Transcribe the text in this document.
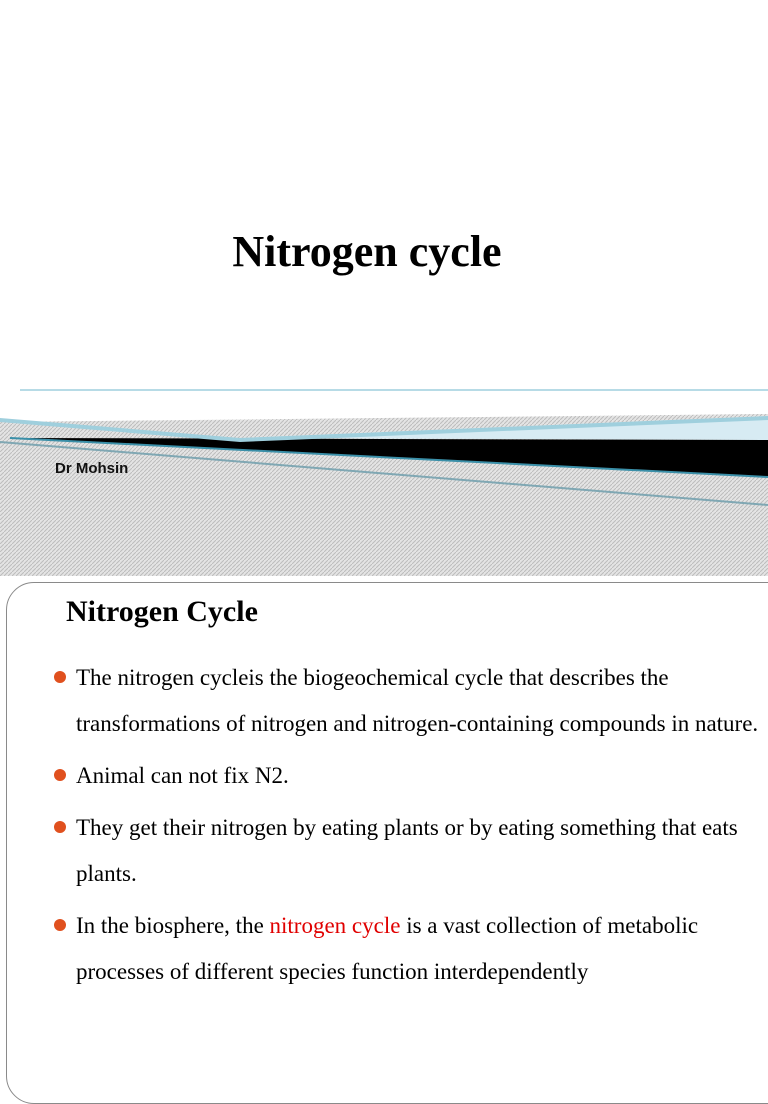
Nitrogen cycle
Dr Mohsin
Nitrogen Cycle
The nitrogen cycleis the biogeochemical cycle that describes the transformations of nitrogen and nitrogen-containing compounds in nature.
Animal can not fix N2.
They get their nitrogen by eating plants or by eating something that eats plants.
In the biosphere, the nitrogen cycle is a vast collection of metabolic processes of different species function interdependently
